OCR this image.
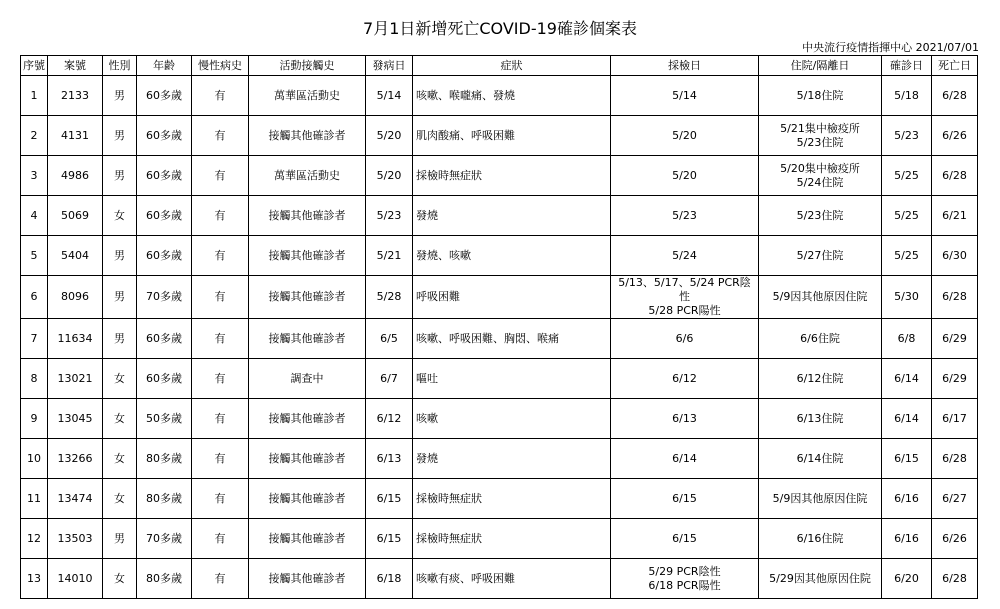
7月1日新增死亡COVID-19確診個案表
中央流行疫情指揮中心 2021/07/01
序號	案號	性別	年齡	慢性病史	活動接觸史	發病日	症狀	採檢日	住院/隔離日	確診日	死亡日
1	2133	男	60多歲	有	萬華區活動史	5/14	咳嗽、喉嚨痛、發燒	5/14	5/18住院	5/18	6/28
2	4131	男	60多歲	有	接觸其他確診者	5/20	肌肉酸痛、呼吸困難	5/20	5/21集中檢疫所
5/23住院	5/23	6/26
3	4986	男	60多歲	有	萬華區活動史	5/20	採檢時無症狀	5/20	5/20集中檢疫所
5/24住院	5/25	6/28
4	5069	女	60多歲	有	接觸其他確診者	5/23	發燒	5/23	5/23住院	5/25	6/21
5	5404	男	60多歲	有	接觸其他確診者	5/21	發燒、咳嗽	5/24	5/27住院	5/25	6/30
6	8096	男	70多歲	有	接觸其他確診者	5/28	呼吸困難	5/13、5/17、5/24 PCR陰性
5/28 PCR陽性	5/9因其他原因住院	5/30	6/28
7	11634	男	60多歲	有	接觸其他確診者	6/5	咳嗽、呼吸困難、胸悶、喉痛	6/6	6/6住院	6/8	6/29
8	13021	女	60多歲	有	調查中	6/7	嘔吐	6/12	6/12住院	6/14	6/29
9	13045	女	50多歲	有	接觸其他確診者	6/12	咳嗽	6/13	6/13住院	6/14	6/17
10	13266	女	80多歲	有	接觸其他確診者	6/13	發燒	6/14	6/14住院	6/15	6/28
11	13474	女	80多歲	有	接觸其他確診者	6/15	採檢時無症狀	6/15	5/9因其他原因住院	6/16	6/27
12	13503	男	70多歲	有	接觸其他確診者	6/15	採檢時無症狀	6/15	6/16住院	6/16	6/26
13	14010	女	80多歲	有	接觸其他確診者	6/18	咳嗽有痰、呼吸困難	5/29 PCR陰性
6/18 PCR陽性	5/29因其他原因住院	6/20	6/28
